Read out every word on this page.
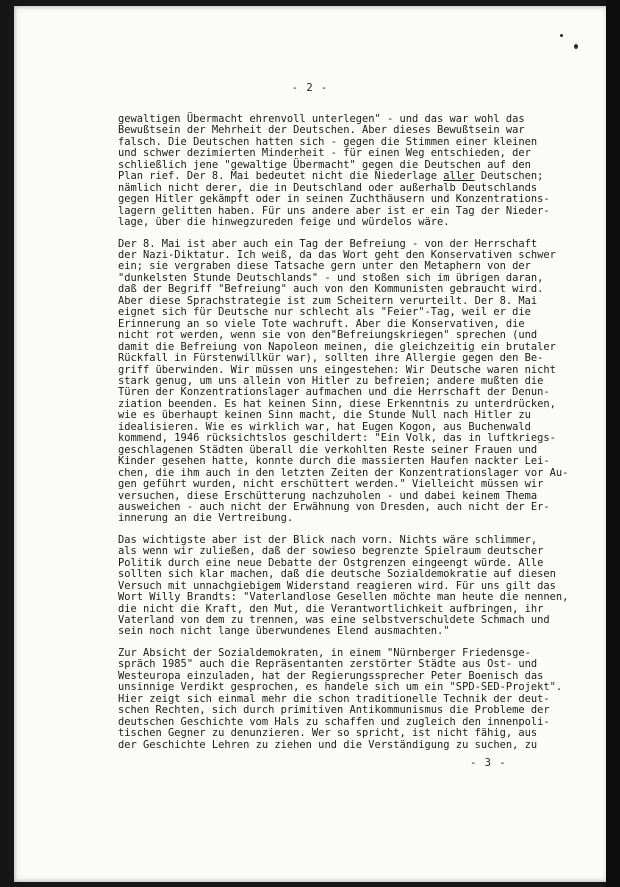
- 2 -
gewaltigen Übermacht ehrenvoll unterlegen" - und das war wohl das
Bewußtsein der Mehrheit der Deutschen. Aber dieses Bewußtsein war
falsch. Die Deutschen hatten sich - gegen die Stimmen einer kleinen
und schwer dezimierten Minderheit - für einen Weg entschieden, der
schließlich jene "gewaltige Übermacht" gegen die Deutschen auf den
Plan rief. Der 8. Mai bedeutet nicht die Niederlage aller Deutschen;
nämlich nicht derer, die in Deutschland oder außerhalb Deutschlands
gegen Hitler gekämpft oder in seinen Zuchthäusern und Konzentrations-
lagern gelitten haben. Für uns andere aber ist er ein Tag der Nieder-
lage, über die hinwegzureden feige und würdelos wäre.
Der 8. Mai ist aber auch ein Tag der Befreiung - von der Herrschaft
der Nazi-Diktatur. Ich weiß, da das Wort geht den Konservativen schwer
ein; sie vergraben diese Tatsache gern unter den Metaphern von der
"dunkelsten Stunde Deutschlands" - und stoßen sich im übrigen daran,
daß der Begriff "Befreiung" auch von den Kommunisten gebraucht wird.
Aber diese Sprachstrategie ist zum Scheitern verurteilt. Der 8. Mai
eignet sich für Deutsche nur schlecht als "Feier"-Tag, weil er die
Erinnerung an so viele Tote wachruft. Aber die Konservativen, die
nicht rot werden, wenn sie von den"Befreiungskriegen" sprechen (und
damit die Befreiung von Napoleon meinen, die gleichzeitig ein brutaler
Rückfall in Fürstenwillkür war), sollten ihre Allergie gegen den Be-
griff überwinden. Wir müssen uns eingestehen: Wir Deutsche waren nicht
stark genug, um uns allein von Hitler zu befreien; andere mußten die
Türen der Konzentrationslager aufmachen und die Herrschaft der Denun-
ziation beenden. Es hat keinen Sinn, diese Erkenntnis zu unterdrücken,
wie es überhaupt keinen Sinn macht, die Stunde Null nach Hitler zu
idealisieren. Wie es wirklich war, hat Eugen Kogon, aus Buchenwald
kommend, 1946 rücksichtslos geschildert: "Ein Volk, das in luftkriegs-
geschlagenen Städten überall die verkohlten Reste seiner Frauen und
Kinder gesehen hatte, konnte durch die massierten Haufen nackter Lei-
chen, die ihm auch in den letzten Zeiten der Konzentrationslager vor Au-
gen geführt wurden, nicht erschüttert werden." Vielleicht müssen wir
versuchen, diese Erschütterung nachzuholen - und dabei keinem Thema
ausweichen - auch nicht der Erwähnung von Dresden, auch nicht der Er-
innerung an die Vertreibung.
Das wichtigste aber ist der Blick nach vorn. Nichts wäre schlimmer,
als wenn wir zuließen, daß der sowieso begrenzte Spielraum deutscher
Politik durch eine neue Debatte der Ostgrenzen eingeengt würde. Alle
sollten sich klar machen, daß die deutsche Sozialdemokratie auf diesen
Versuch mit unnachgiebigem Widerstand reagieren wird. Für uns gilt das
Wort Willy Brandts: "Vaterlandlose Gesellen möchte man heute die nennen,
die nicht die Kraft, den Mut, die Verantwortlichkeit aufbringen, ihr
Vaterland von dem zu trennen, was eine selbstverschuldete Schmach und
sein noch nicht lange überwundenes Elend ausmachten."
Zur Absicht der Sozialdemokraten, in einem "Nürnberger Friedensge-
spräch 1985" auch die Repräsentanten zerstörter Städte aus Ost- und
Westeuropa einzuladen, hat der Regierungssprecher Peter Boenisch das
unsinnige Verdikt gesprochen, es handele sich um ein "SPD-SED-Projekt".
Hier zeigt sich einmal mehr die schon traditionelle Technik der deut-
schen Rechten, sich durch primitiven Antikommunismus die Probleme der
deutschen Geschichte vom Hals zu schaffen und zugleich den innenpoli-
tischen Gegner zu denunzieren. Wer so spricht, ist nicht fähig, aus
der Geschichte Lehren zu ziehen und die Verständigung zu suchen, zu
- 3 -
